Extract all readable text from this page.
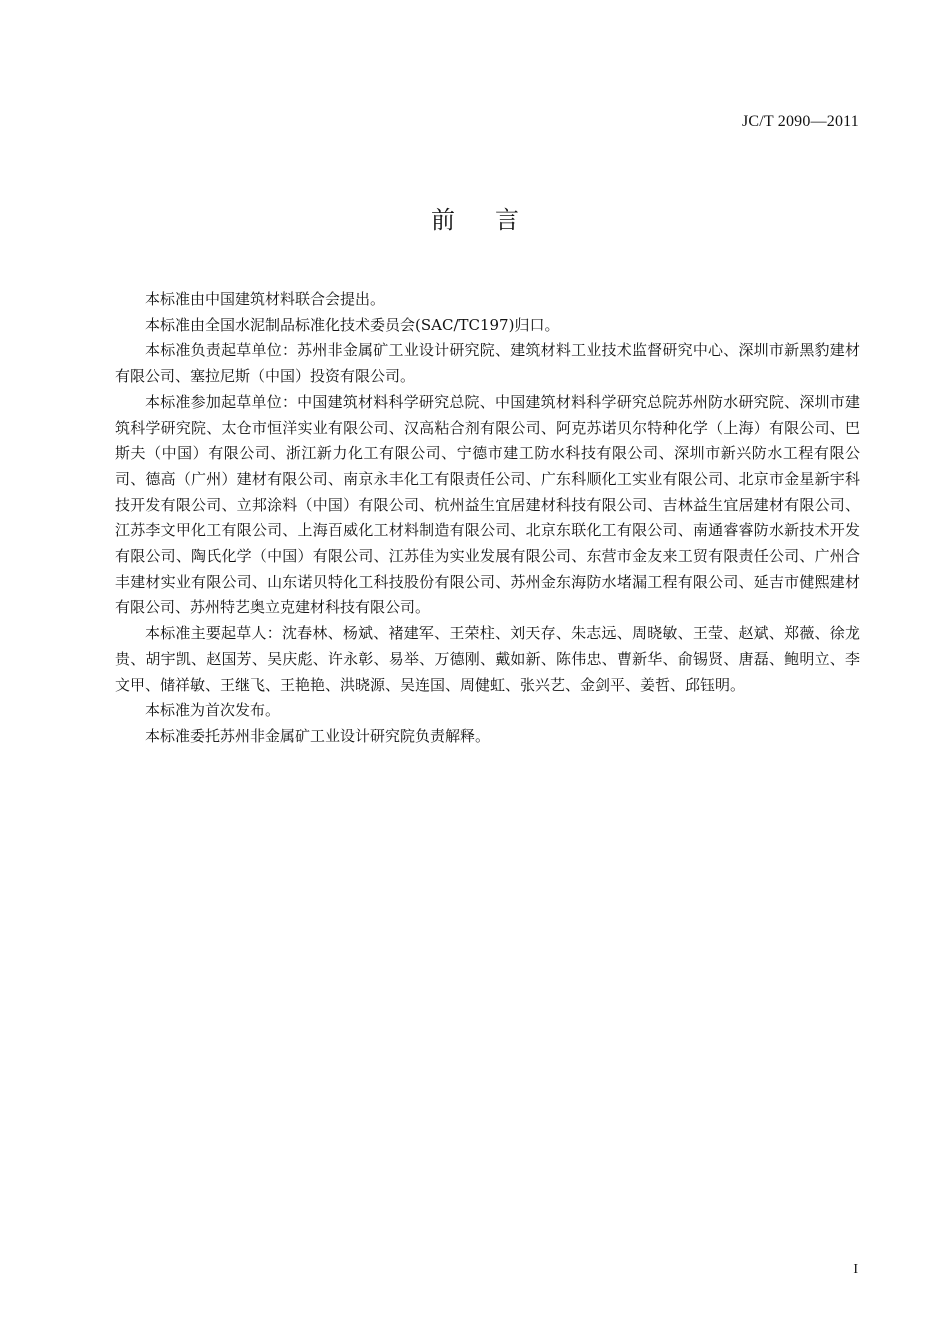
JC/T 2090—2011
前言

本标准由中国建筑材料联合会提出。

本标准由全国水泥制品标准化技术委员会(SAC/TC197)归口。

本标准负责起草单位：苏州非金属矿工业设计研究院、建筑材料工业技术监督研究中心、深圳市新黑豹建材有限公司、塞拉尼斯（中国）投资有限公司。

本标准参加起草单位：中国建筑材料科学研究总院、中国建筑材料科学研究总院苏州防水研究院、深圳市建筑科学研究院、太仓市恒洋实业有限公司、汉高粘合剂有限公司、阿克苏诺贝尔特种化学（上海）有限公司、巴斯夫（中国）有限公司、浙江新力化工有限公司、宁德市建工防水科技有限公司、深圳市新兴防水工程有限公司、德高（广州）建材有限公司、南京永丰化工有限责任公司、广东科顺化工实业有限公司、北京市金星新宇科技开发有限公司、立邦涂料（中国）有限公司、杭州益生宜居建材科技有限公司、吉林益生宜居建材有限公司、江苏李文甲化工有限公司、上海百威化工材料制造有限公司、北京东联化工有限公司、南通睿睿防水新技术开发有限公司、陶氏化学（中国）有限公司、江苏佳为实业发展有限公司、东营市金友来工贸有限责任公司、广州合丰建材实业有限公司、山东诺贝特化工科技股份有限公司、苏州金东海防水堵漏工程有限公司、延吉市健熙建材有限公司、苏州特艺奥立克建材科技有限公司。

本标准主要起草人：沈春林、杨斌、褚建军、王荣柱、刘天存、朱志远、周晓敏、王莹、赵斌、郑薇、徐龙贵、胡宇凯、赵国芳、吴庆彪、许永彰、易举、万德刚、戴如新、陈伟忠、曹新华、俞锡贤、唐磊、鲍明立、李文甲、储祥敏、王继飞、王艳艳、洪晓源、吴连国、周健虹、张兴艺、金剑平、姜哲、邱钰明。

本标准为首次发布。

本标准委托苏州非金属矿工业设计研究院负责解释。

I
